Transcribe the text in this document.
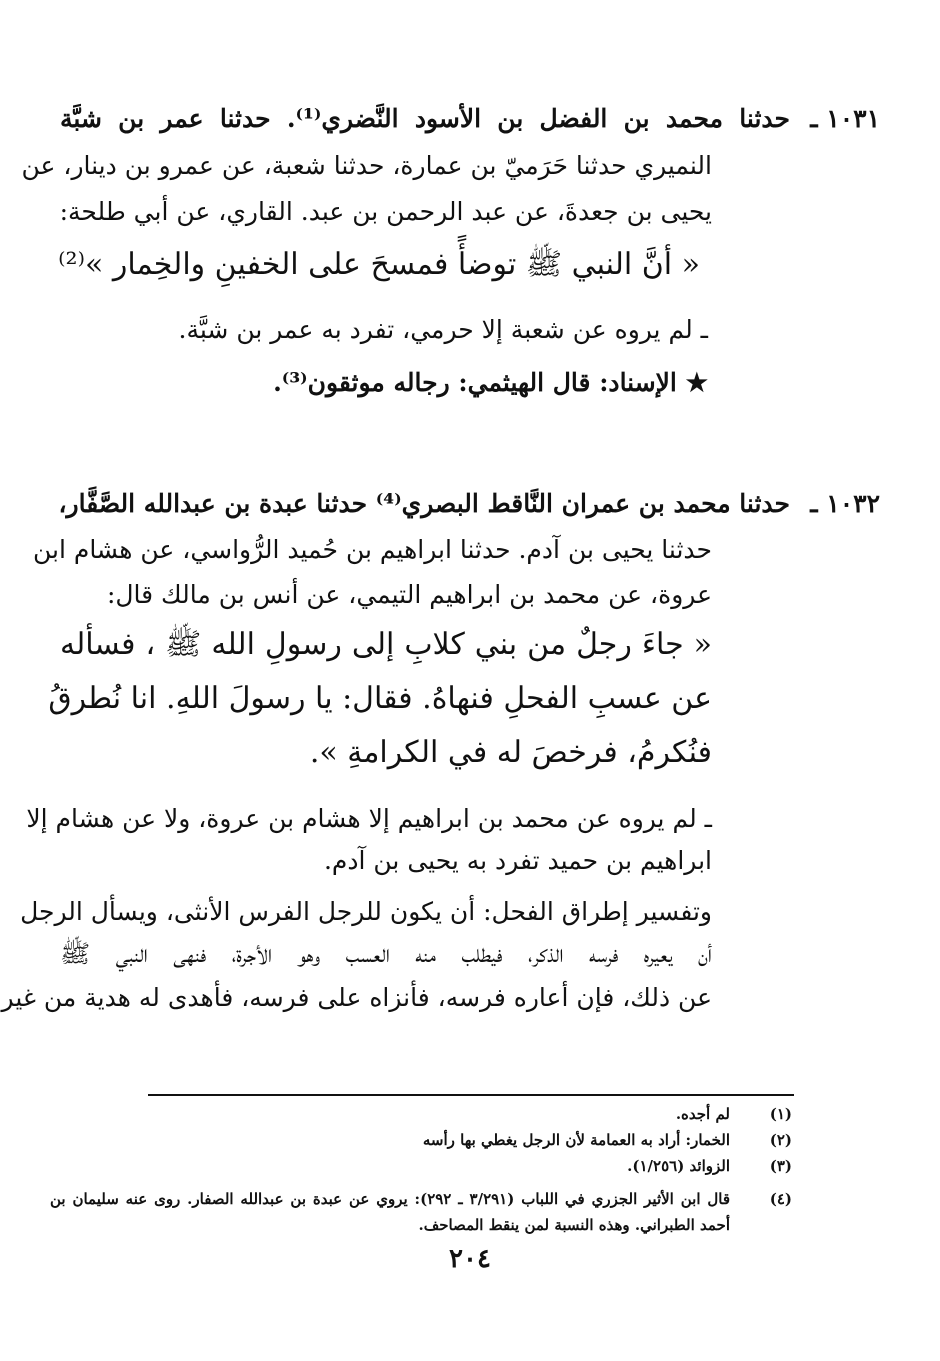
١٠٣١ ـ
حدثنا محمد بن الفضل بن الأسود النَّضري⁽¹⁾. حدثنا عمر بن شبَّة
النميري حدثنا حَرَميّ بن عمارة، حدثنا شعبة، عن عمرو بن دينار، عن
يحيى بن جعدةَ، عن عبد الرحمن بن عبد. القاري، عن أبي طلحة:
« أنَّ النبي ﷺ توضأً فمسحَ على الخفينِ والخِمار »⁽²⁾
ـ لم يروه عن شعبة إلا حرمي، تفرد به عمر بن شبَّة.
★ الإسناد: قال الهيثمي: رجاله موثقون⁽³⁾.
١٠٣٢ ـ
حدثنا محمد بن عمران النَّاقط البصري⁽⁴⁾ حدثنا عبدة بن عبدالله الصَّفَّار،
حدثنا يحيى بن آدم. حدثنا ابراهيم بن حُميد الرُّواسي، عن هشام ابن
عروة، عن محمد بن ابراهيم التيمي، عن أنس بن مالك قال:
« جاءَ رجلٌ من بني كلابِ إلى رسولِ الله ﷺ ، فسأله
عن عسبِ الفحلِ فنهاهُ. فقال: يا رسولَ اللهِ. انا نُطرقُ
فنُكرمُ، فرخصَ له في الكرامةِ ».
ـ لم يروه عن محمد بن ابراهيم إلا هشام بن عروة، ولا عن هشام إلا
ابراهيم بن حميد تفرد به يحيى بن آدم.
وتفسير إطراق الفحل: أن يكون للرجل الفرس الأنثى، ويسأل الرجل
أن يعيره فرسه الذكر، فيطلب منه العسب وهو الأجرة، فنهى النبي ﷺ
عن ذلك، فإن أعاره فرسه، فأنزاه على فرسه، فأهدى له هدية من غير
(١)
لم أجده.
(٢)
الخمار: أراد به العمامة لأن الرجل يغطي بها رأسه
(٣)
الزوائد (١/٢٥٦).
(٤)
قال ابن الأثير الجزري في اللباب (٣/٢٩١ ـ ٢٩٢): يروي عن عبدة بن عبدالله الصفار. روى عنه سليمان بن
أحمد الطبراني. وهذه النسبة لمن ينقط المصاحف.
٢٠٤
